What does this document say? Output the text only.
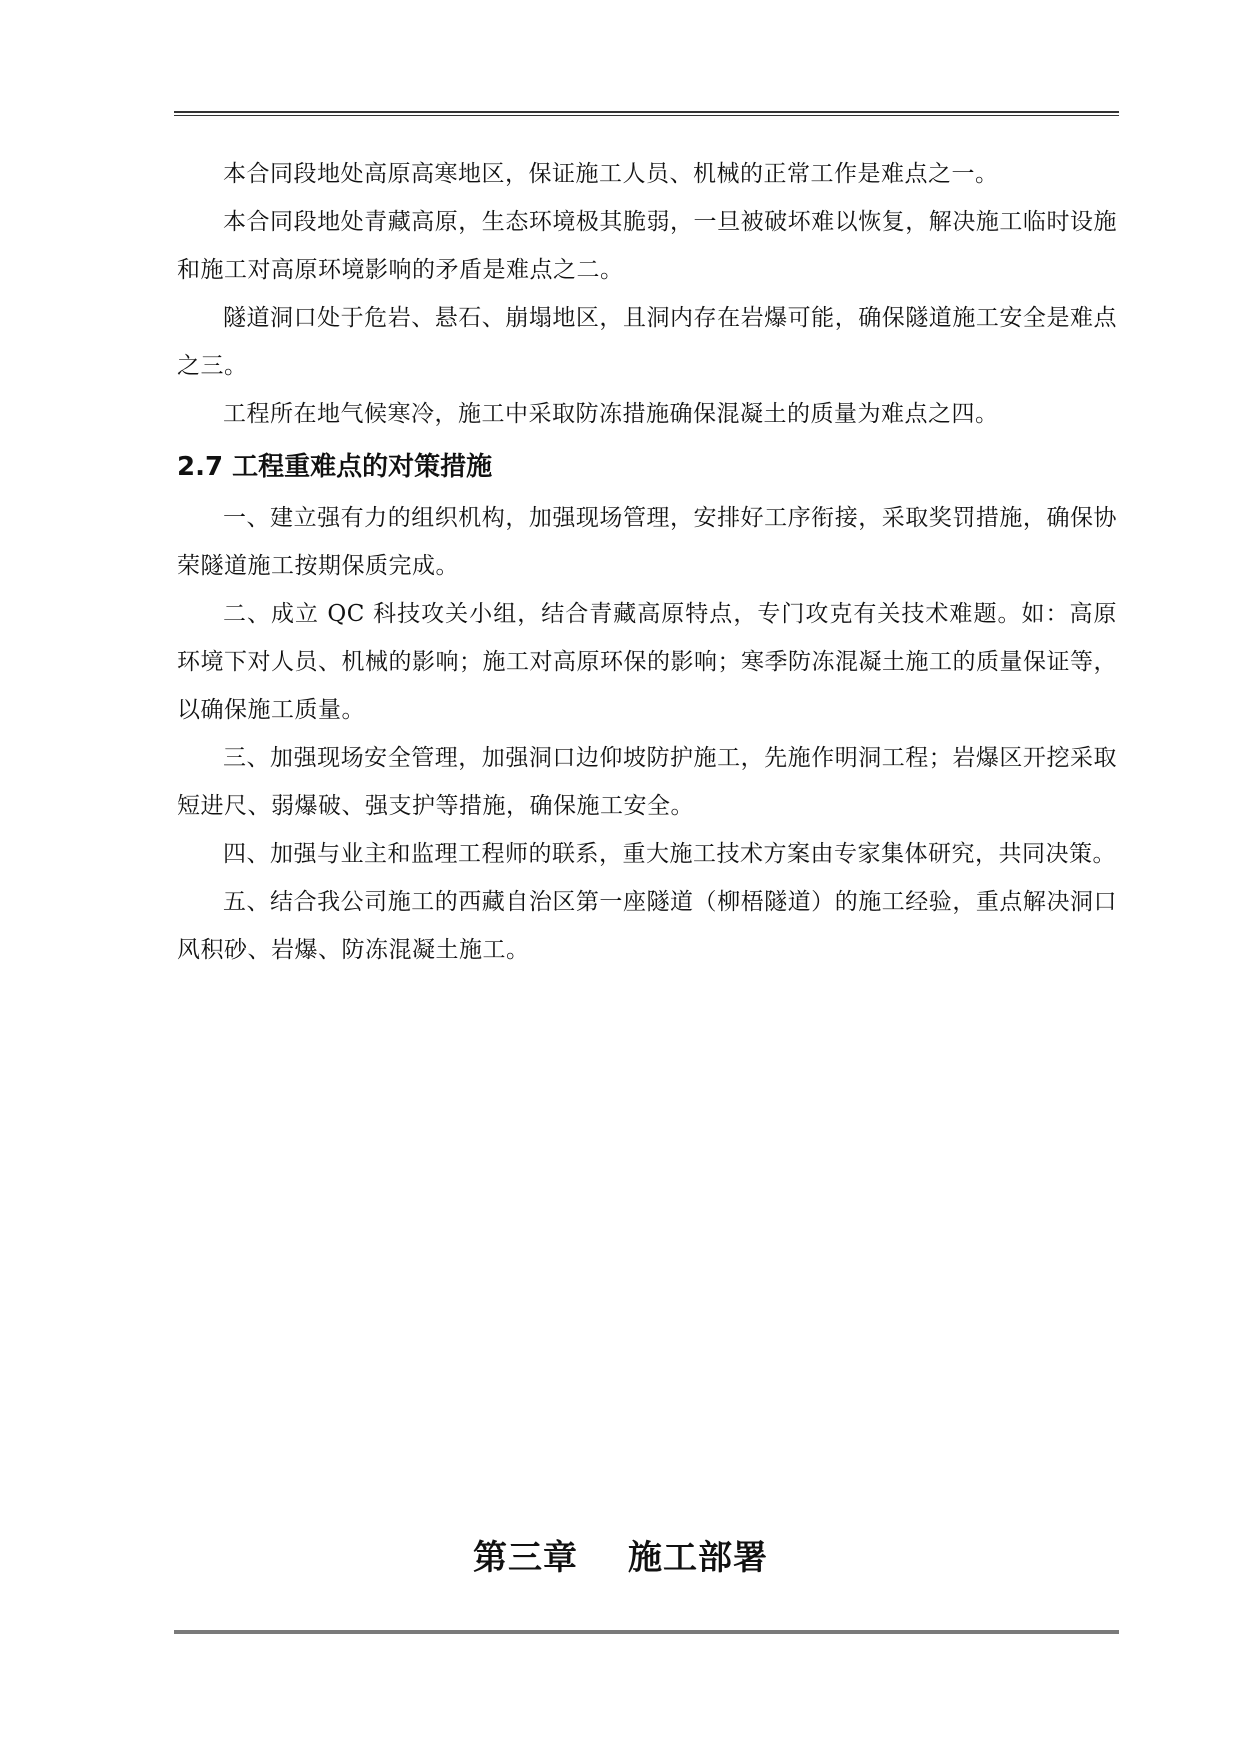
本合同段地处高原高寒地区，保证施工人员、机械的正常工作是难点之一。

本合同段地处青藏高原，生态环境极其脆弱，一旦被破坏难以恢复，解决施工临时设施和施工对高原环境影响的矛盾是难点之二。

隧道洞口处于危岩、悬石、崩塌地区，且洞内存在岩爆可能，确保隧道施工安全是难点之三。

工程所在地气候寒冷，施工中采取防冻措施确保混凝土的质量为难点之四。

2.7 工程重难点的对策措施

一、建立强有力的组织机构，加强现场管理，安排好工序衔接，采取奖罚措施，确保协荣隧道施工按期保质完成。

二、成立 QC 科技攻关小组，结合青藏高原特点，专门攻克有关技术难题。如：高原环境下对人员、机械的影响；施工对高原环保的影响；寒季防冻混凝土施工的质量保证等，以确保施工质量。

三、加强现场安全管理，加强洞口边仰坡防护施工，先施作明洞工程；岩爆区开挖采取短进尺、弱爆破、强支护等措施，确保施工安全。

四、加强与业主和监理工程师的联系，重大施工技术方案由专家集体研究，共同决策。

五、结合我公司施工的西藏自治区第一座隧道（柳梧隧道）的施工经验，重点解决洞口风积砂、岩爆、防冻混凝土施工。

第三章 施工部署
